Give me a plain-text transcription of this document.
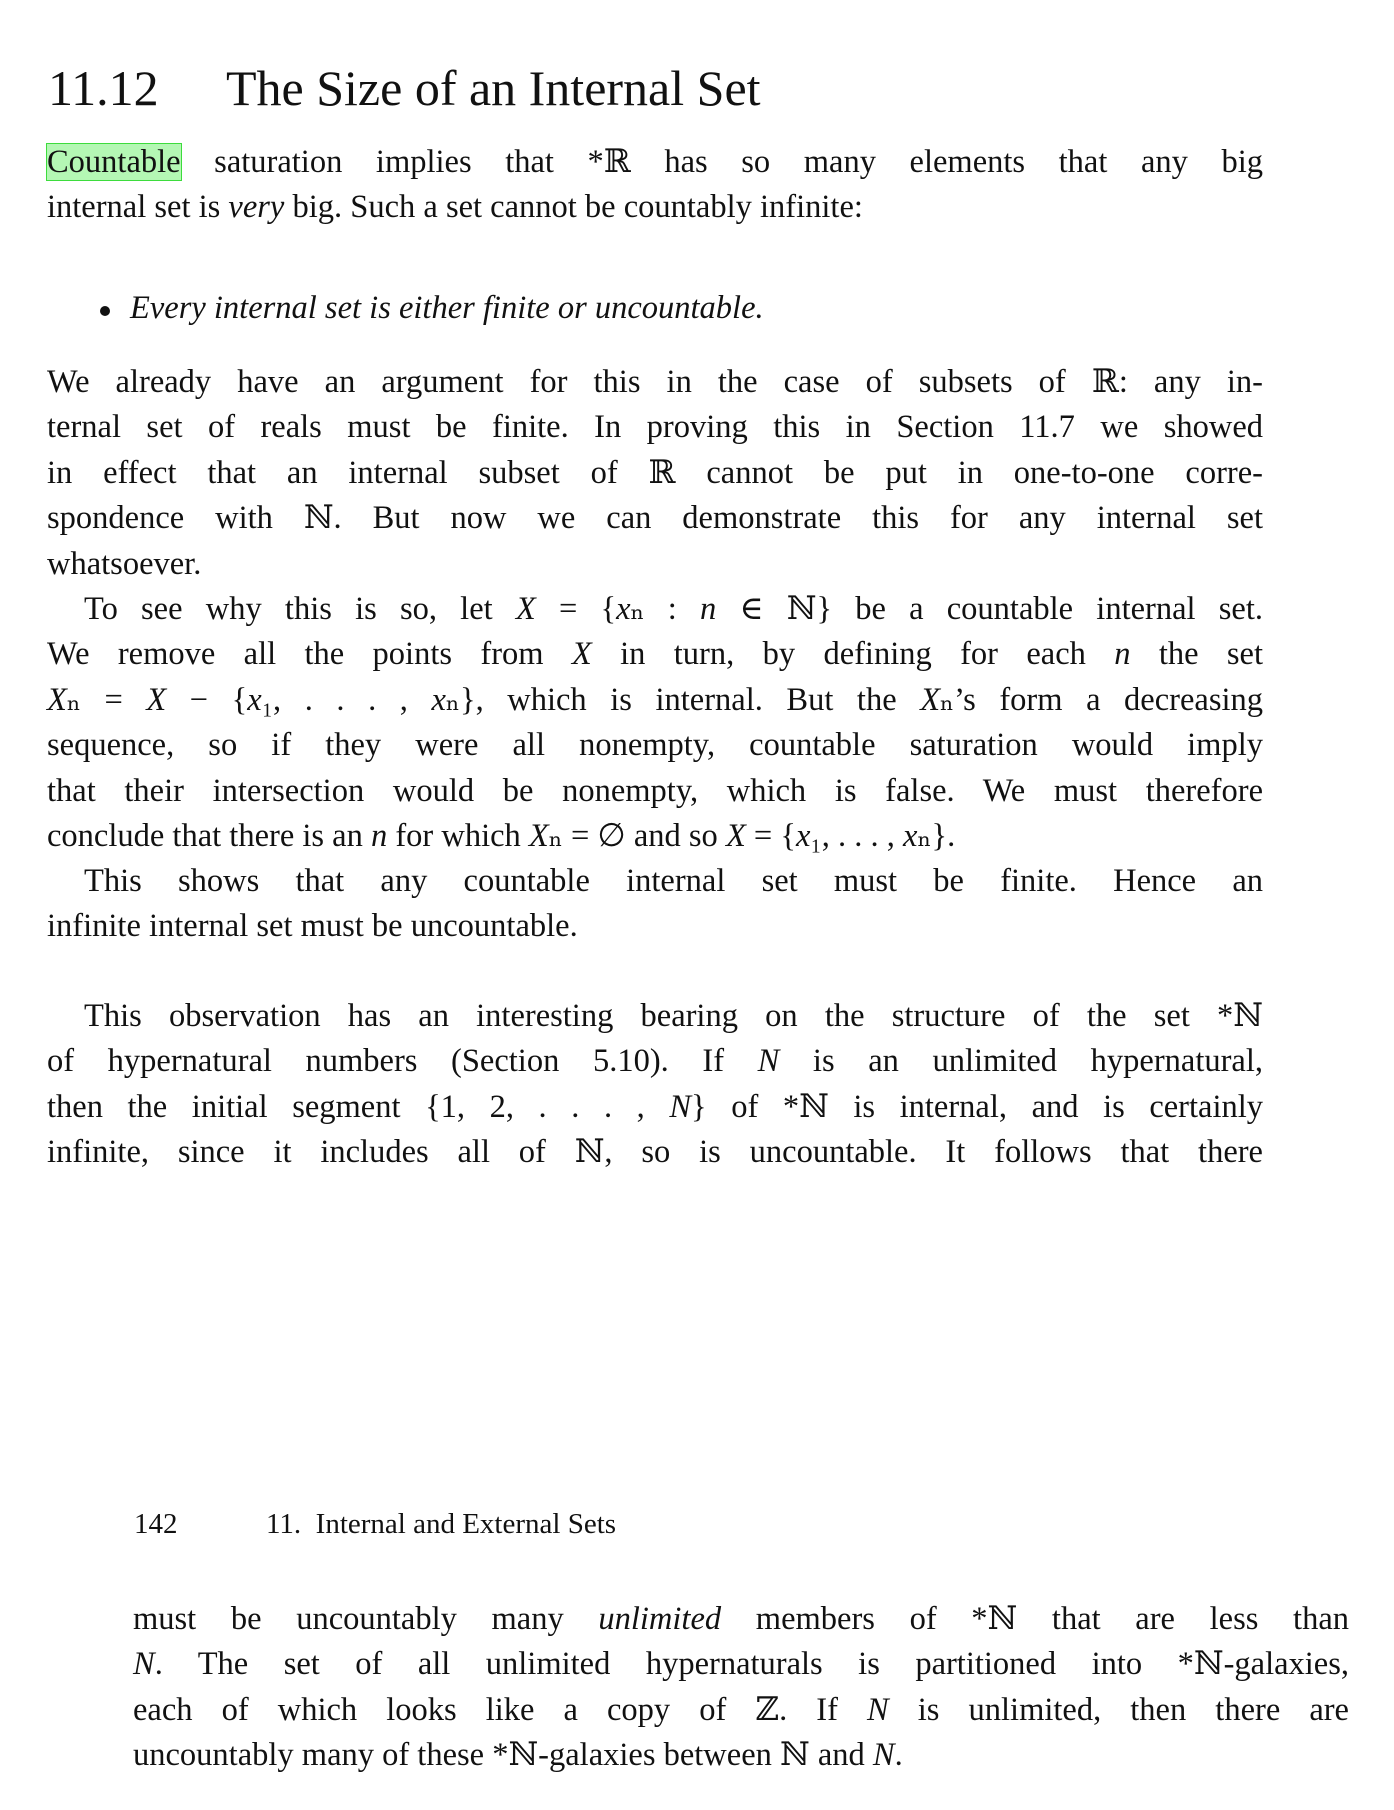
11.12 The Size of an Internal Set
Countable saturation implies that *ℝ has so many elements that any big
internal set is very big. Such a set cannot be countably infinite:
Every internal set is either finite or uncountable.
We already have an argument for this in the case of subsets of ℝ: any in-
ternal set of reals must be finite. In proving this in Section 11.7 we showed
in effect that an internal subset of ℝ cannot be put in one-to-one corre-
spondence with ℕ. But now we can demonstrate this for any internal set
whatsoever.
To see why this is so, let X = {xₙ : n ∈ ℕ} be a countable internal set.
We remove all the points from X in turn, by defining for each n the set
Xₙ = X − {x₁, . . . , xₙ}, which is internal. But the Xₙ’s form a decreasing
sequence, so if they were all nonempty, countable saturation would imply
that their intersection would be nonempty, which is false. We must therefore
conclude that there is an n for which Xₙ = ∅ and so X = {x₁, . . . , xₙ}.
This shows that any countable internal set must be finite. Hence an
infinite internal set must be uncountable.
This observation has an interesting bearing on the structure of the set *ℕ
of hypernatural numbers (Section 5.10). If N is an unlimited hypernatural,
then the initial segment {1, 2, . . . , N} of *ℕ is internal, and is certainly
infinite, since it includes all of ℕ, so is uncountable. It follows that there
142	11.  Internal and External Sets
must be uncountably many unlimited members of *ℕ that are less than
N. The set of all unlimited hypernaturals is partitioned into *ℕ-galaxies,
each of which looks like a copy of ℤ. If N is unlimited, then there are
uncountably many of these *ℕ-galaxies between ℕ and N.
